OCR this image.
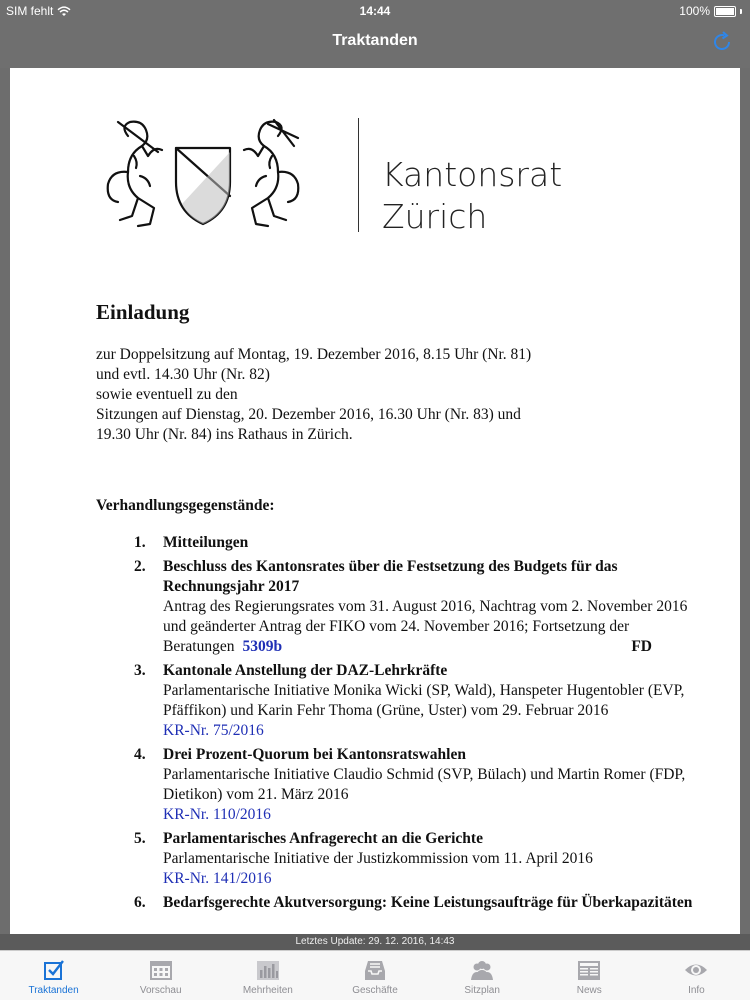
SIM fehlt	14:44	100%
Traktanden
Kantonsrat
Zürich
Einladung
zur Doppelsitzung auf Montag, 19. Dezember 2016, 8.15 Uhr (Nr. 81)
und evtl. 14.30 Uhr (Nr. 82)
sowie eventuell zu den
Sitzungen auf Dienstag, 20. Dezember 2016, 16.30 Uhr (Nr. 83) und
19.30 Uhr (Nr. 84) ins Rathaus in Zürich.
Verhandlungsgegenstände:
1. Mitteilungen
2. Beschluss des Kantonsrates über die Festsetzung des Budgets für das Rechnungsjahr 2017
Antrag des Regierungsrates vom 31. August 2016, Nachtrag vom 2. November 2016 und geänderter Antrag der FIKO vom 24. November 2016; Fortsetzung der Beratungen 5309b	FD
3. Kantonale Anstellung der DAZ-Lehrkräfte
Parlamentarische Initiative Monika Wicki (SP, Wald), Hanspeter Hugentobler (EVP, Pfäffikon) und Karin Fehr Thoma (Grüne, Uster) vom 29. Februar 2016
KR-Nr. 75/2016
4. Drei Prozent-Quorum bei Kantonsratswahlen
Parlamentarische Initiative Claudio Schmid (SVP, Bülach) und Martin Romer (FDP, Dietikon) vom 21. März 2016
KR-Nr. 110/2016
5. Parlamentarisches Anfragerecht an die Gerichte
Parlamentarische Initiative der Justizkommission vom 11. April 2016
KR-Nr. 141/2016
6. Bedarfsgerechte Akutversorgung: Keine Leistungsaufträge für Überkapazitäten
Letztes Update: 29. 12. 2016, 14:43
Traktanden	Vorschau	Mehrheiten	Geschäfte	Sitzplan	News	Info
